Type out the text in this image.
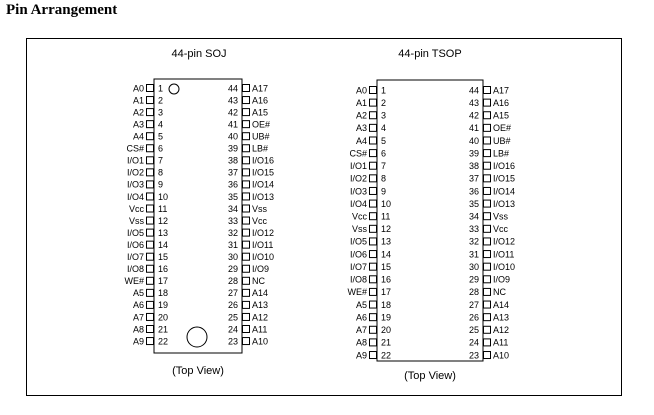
Pin Arrangement
44-pin SOJ
(Top View)
A0 1
A1 2
A2 3
A3 4
A4 5
CS# 6
I/O1 7
I/O2 8
I/O3 9
I/O4 10
Vcc 11
Vss 12
I/O5 13
I/O6 14
I/O7 15
I/O8 16
WE# 17
A5 18
A6 19
A7 20
A8 21
A9 22
44 A17
43 A16
42 A15
41 OE#
40 UB#
39 LB#
38 I/O16
37 I/O15
36 I/O14
35 I/O13
34 Vss
33 Vcc
32 I/O12
31 I/O11
30 I/O10
29 I/O9
28 NC
27 A14
26 A13
25 A12
24 A11
23 A10
44-pin TSOP
(Top View)
A0 1
A1 2
A2 3
A3 4
A4 5
CS# 6
I/O1 7
I/O2 8
I/O3 9
I/O4 10
Vcc 11
Vss 12
I/O5 13
I/O6 14
I/O7 15
I/O8 16
WE# 17
A5 18
A6 19
A7 20
A8 21
A9 22
44 A17
43 A16
42 A15
41 OE#
40 UB#
39 LB#
38 I/O16
37 I/O15
36 I/O14
35 I/O13
34 Vss
33 Vcc
32 I/O12
31 I/O11
30 I/O10
29 I/O9
28 NC
27 A14
26 A13
25 A12
24 A11
23 A10
